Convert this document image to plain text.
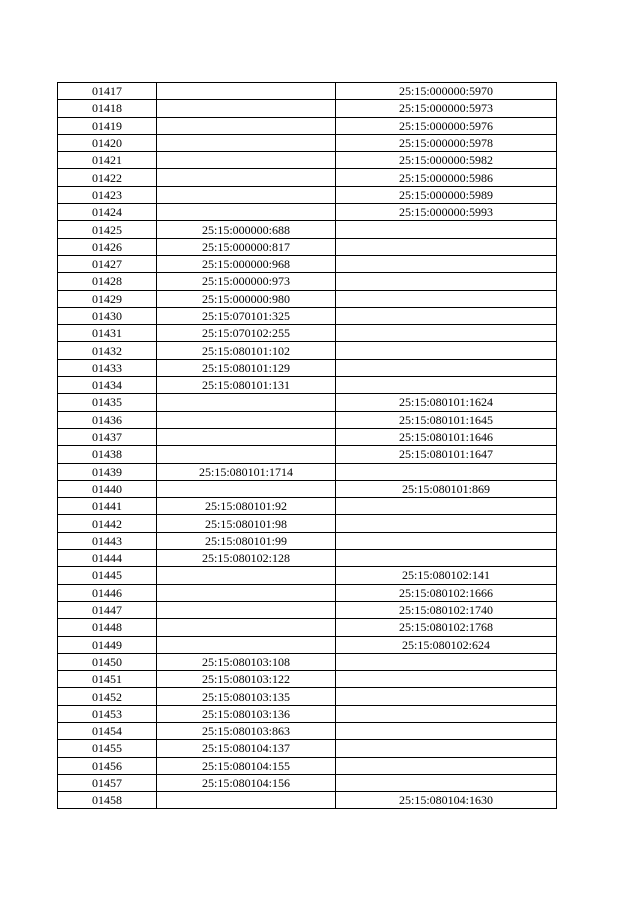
01417		25:15:000000:5970
01418		25:15:000000:5973
01419		25:15:000000:5976
01420		25:15:000000:5978
01421		25:15:000000:5982
01422		25:15:000000:5986
01423		25:15:000000:5989
01424		25:15:000000:5993
01425	25:15:000000:688	
01426	25:15:000000:817	
01427	25:15:000000:968	
01428	25:15:000000:973	
01429	25:15:000000:980	
01430	25:15:070101:325	
01431	25:15:070102:255	
01432	25:15:080101:102	
01433	25:15:080101:129	
01434	25:15:080101:131	
01435		25:15:080101:1624
01436		25:15:080101:1645
01437		25:15:080101:1646
01438		25:15:080101:1647
01439	25:15:080101:1714	
01440		25:15:080101:869
01441	25:15:080101:92	
01442	25:15:080101:98	
01443	25:15:080101:99	
01444	25:15:080102:128	
01445		25:15:080102:141
01446		25:15:080102:1666
01447		25:15:080102:1740
01448		25:15:080102:1768
01449		25:15:080102:624
01450	25:15:080103:108	
01451	25:15:080103:122	
01452	25:15:080103:135	
01453	25:15:080103:136	
01454	25:15:080103:863	
01455	25:15:080104:137	
01456	25:15:080104:155	
01457	25:15:080104:156	
01458		25:15:080104:1630
